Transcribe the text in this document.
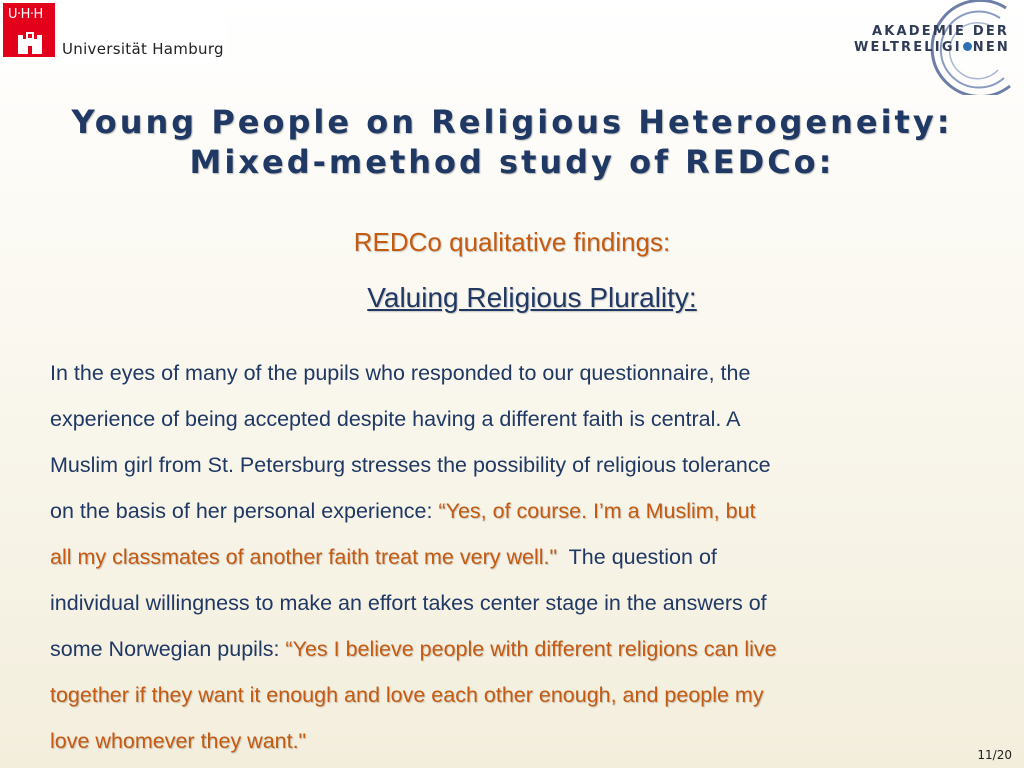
U·H·H
Universität Hamburg
AKADEMIE DER
WELTRELIGI NEN
Young People on Religious Heterogeneity:
Mixed-method study of REDCo:
REDCo qualitative findings:
Valuing Religious Plurality:

In the eyes of many of the pupils who responded to our questionnaire, the
experience of being accepted despite having a different faith is central. A
Muslim girl from St. Petersburg stresses the possibility of religious tolerance
on the basis of her personal experience: “Yes, of course. I’m a Muslim, but
all my classmates of another faith treat me very well."  The question of
individual willingness to make an effort takes center stage in the answers of
some Norwegian pupils: “Yes I believe people with different religions can live
together if they want it enough and love each other enough, and people my
love whomever they want."

11/20
